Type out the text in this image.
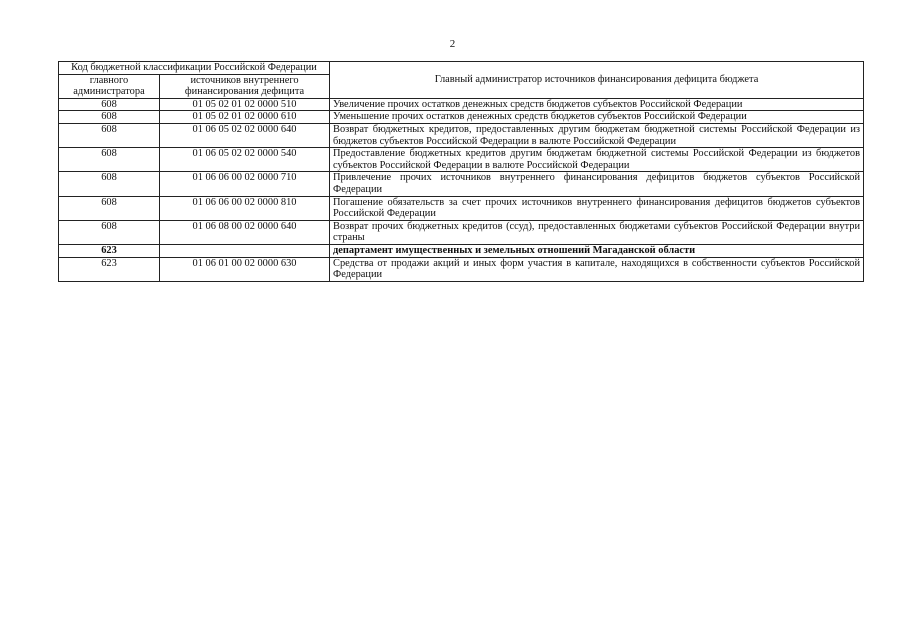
2
Код бюджетной классификации Российской Федерации		Главный администратор источников финансирования дефицита бюджета
главного администратора	источников внутреннего финансирования дефицита	
608	01 05 02 01 02 0000 510	Увеличение прочих остатков денежных средств бюджетов субъектов Российской Федерации
608	01 05 02 01 02 0000 610	Уменьшение прочих остатков денежных средств бюджетов субъектов Российской Федерации
608	01 06 05 02 02 0000 640	Возврат бюджетных кредитов, предоставленных другим бюджетам бюджетной системы Российской Федерации из бюджетов субъектов Российской Федерации в валюте Российской Федерации
608	01 06 05 02 02 0000 540	Предоставление бюджетных кредитов другим бюджетам бюджетной системы Российской Федерации из бюджетов субъектов Российской Федерации в валюте Российской Федерации
608	01 06 06 00 02 0000 710	Привлечение прочих источников внутреннего финансирования дефицитов бюджетов субъектов Российской Федерации
608	01 06 06 00 02 0000 810	Погашение обязательств за счет прочих источников внутреннего финансирования дефицитов бюджетов субъектов Российской Федерации
608	01 06 08 00 02 0000 640	Возврат прочих бюджетных кредитов (ссуд), предоставленных бюджетами субъектов Российской Федерации внутри страны
623		департамент имущественных и земельных отношений Магаданской области
623	01 06 01 00 02 0000 630	Средства от продажи акций и иных форм участия в капитале, находящихся в собственности субъектов Российской Федерации
